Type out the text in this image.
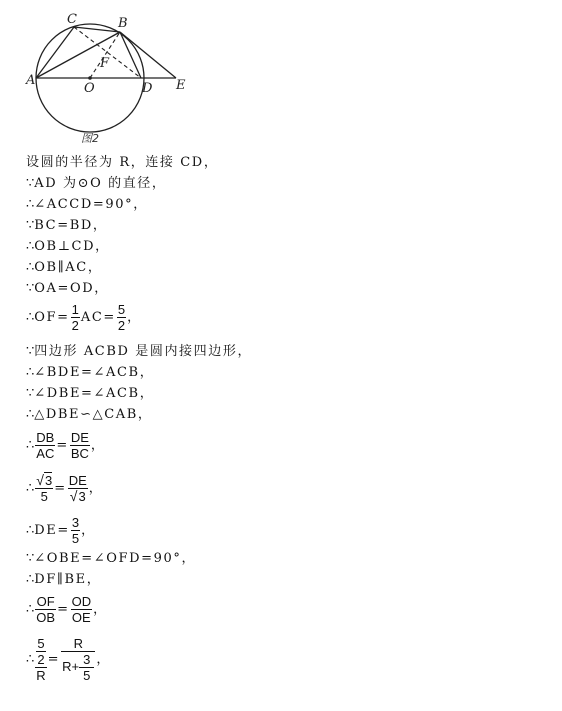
C	B
A
O
F
D E
图2
设圆的半径为 R，连接 CD，
∵AD 为⊙O 的直径，
∴∠ACCD=90°，
∵BC=BD，
∴OB⊥CD，
∴OB∥AC，
∵OA=OD，
∴OF= $\frac{1}{2} AC= \frac{5}{2}$ ，
∵四边形 ACBD 是圆内接四边形，
∴∠BDE=∠ACB，
∵∠DBE=∠ACB，
∴△DBE∽△CAB，
∴ $\frac{DB}{AC} = \frac{DE}{BC}$ ，
∴ $\frac{√3}{5} = \frac{DE}{√3}$ ，
∴DE= $\frac{3}{5}$ ，
∵∠OBE=∠OFD=90°，
∴DF∥BE，
∴ $\frac{OF}{OB} = \frac{OD}{OE}$ ，
∴ $\frac{\frac{5}{2}}{R} = \frac{R}{R+ \frac{3}{5}}$ ，
